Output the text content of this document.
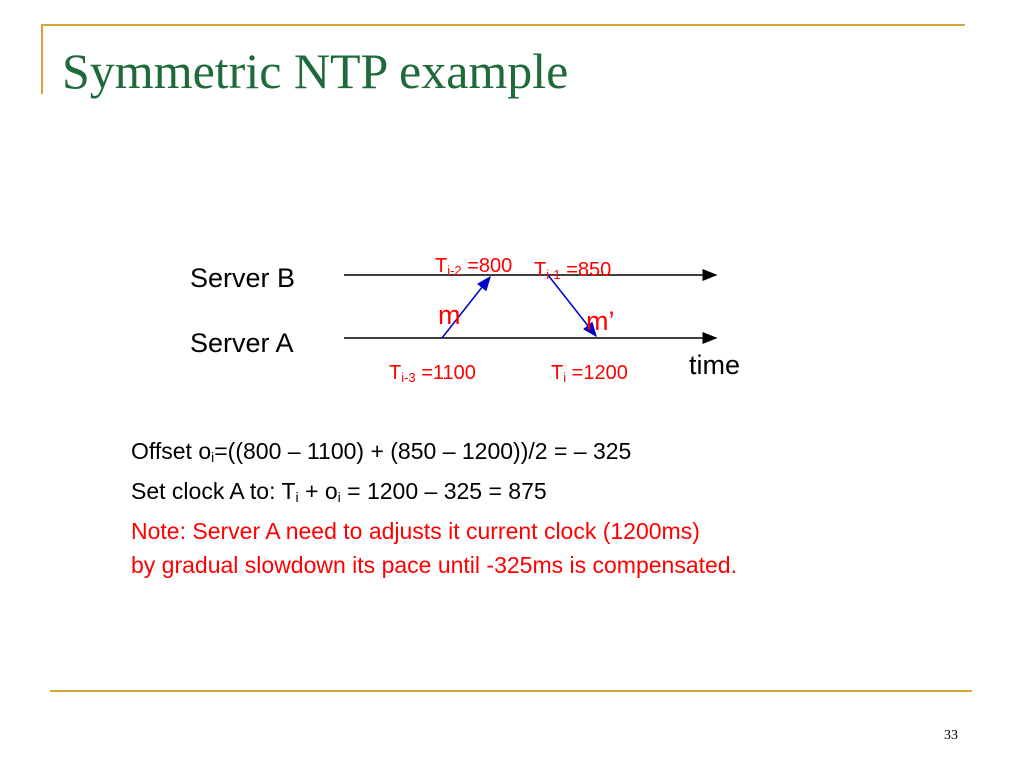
Symmetric NTP example
Server B
Server A
time
m	m’
$T_{i-2} =800$ $T_{i-1} =850$
$T_{i-3} =1100$	$T_i =1200$
Offset $o_i=((800 - 1100) + (850 - 1200))/2$ = – 325
Set clock A to: $T_i + o_i = 1200 - 325 = 875$
Note: Server A need to adjusts it current clock (1200ms)
by gradual slowdown its pace until -325ms is compensated.
33
